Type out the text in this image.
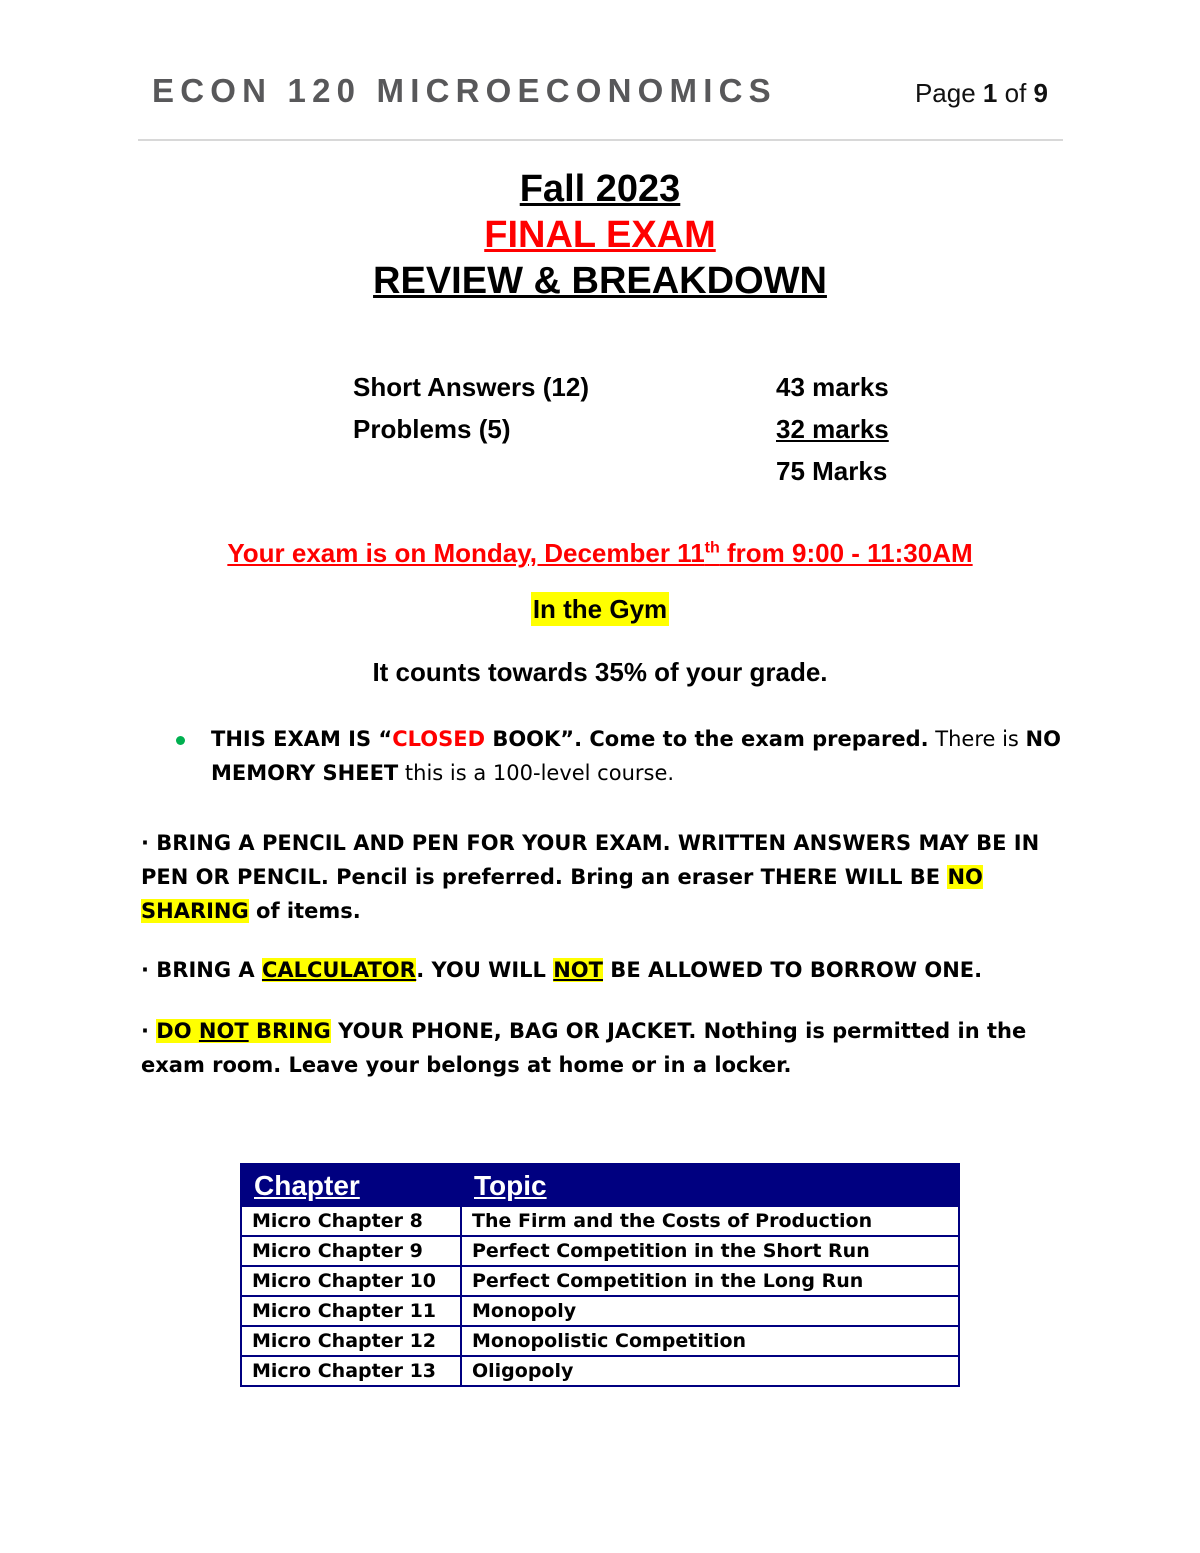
ECON 120 MICROECONOMICS	Page 1 of 9
Fall 2023
FINAL EXAM
REVIEW & BREAKDOWN
Short Answers (12)	43 marks
Problems (5)	32 marks
75 Marks
Your exam is on Monday, December 11th from 9:00 - 11:30AM
In the Gym
It counts towards 35% of your grade.
THIS EXAM IS “CLOSED BOOK”. Come to the exam prepared. There is NO
MEMORY SHEET this is a 100-level course.
· BRING A PENCIL AND PEN FOR YOUR EXAM. WRITTEN ANSWERS MAY BE IN PEN OR PENCIL. Pencil is preferred. Bring an eraser THERE WILL BE NO SHARING of items.
· BRING A CALCULATOR. YOU WILL NOT BE ALLOWED TO BORROW ONE.
· DO NOT BRING YOUR PHONE, BAG OR JACKET. Nothing is permitted in the exam room. Leave your belongs at home or in a locker.
Chapter	Topic
Micro Chapter 8	The Firm and the Costs of Production
Micro Chapter 9	Perfect Competition in the Short Run
Micro Chapter 10	Perfect Competition in the Long Run
Micro Chapter 11	Monopoly
Micro Chapter 12	Monopolistic Competition
Micro Chapter 13	Oligopoly
